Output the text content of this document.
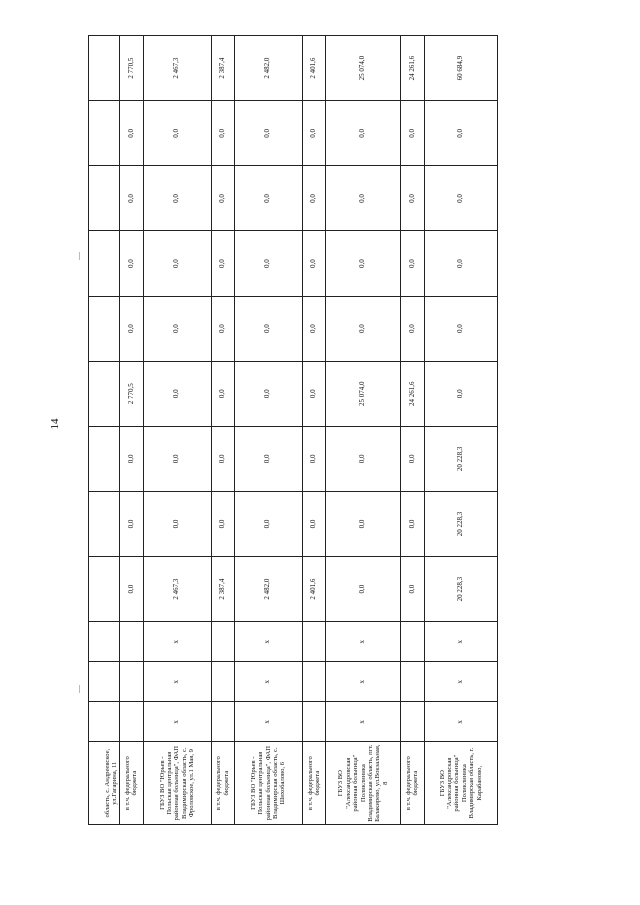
14
область, с. Андреевское, ул.Гагарина, 11												
в т.ч. федерального бюджета				0,0	0,0	0,0	2 770,5	0,0	0,0	0,0	0,0	2 770,5
ГБУЗ ВО "Юрьев - Польская центральная районная больница", ФАП Владимирская область, с. Фроловское, ул.1 Мая, 9	x	x	x	2 467,3	0,0	0,0	0,0	0,0	0,0	0,0	0,0	2 467,3
в т.ч. федерального бюджета				2 387,4	0,0	0,0	0,0	0,0	0,0	0,0	0,0	2 387,4
ГБУЗ ВО "Юрьев - Польская центральная районная больница", ФАП Владимирская область, с. Шихобалово, 6	x	x	x	2 482,0	0,0	0,0	0,0	0,0	0,0	0,0	0,0	2 482,0
в т.ч. федерального бюджета				2 401,6	0,0	0,0	0,0	0,0	0,0	0,0	0,0	2 401,6
ГБУЗ ВО "Александровская районная больница" Поликлиника Владимирская область, пгт. Балакирево, ул.Вокзальная, 8	x	x	x	0,0	0,0	0,0	25 074,0	0,0	0,0	0,0	0,0	25 074,0
в т.ч. федерального бюджета				0,0	0,0	0,0	24 261,6	0,0	0,0	0,0	0,0	24 261,6
ГБУЗ ВО "Александровская районная больница" Поликлиника Владимирская область, г. Карабаново,	x	x	x	20 228,3	20 228,3	20 228,3	0,0	0,0	0,0	0,0	0,0	60 684,9
